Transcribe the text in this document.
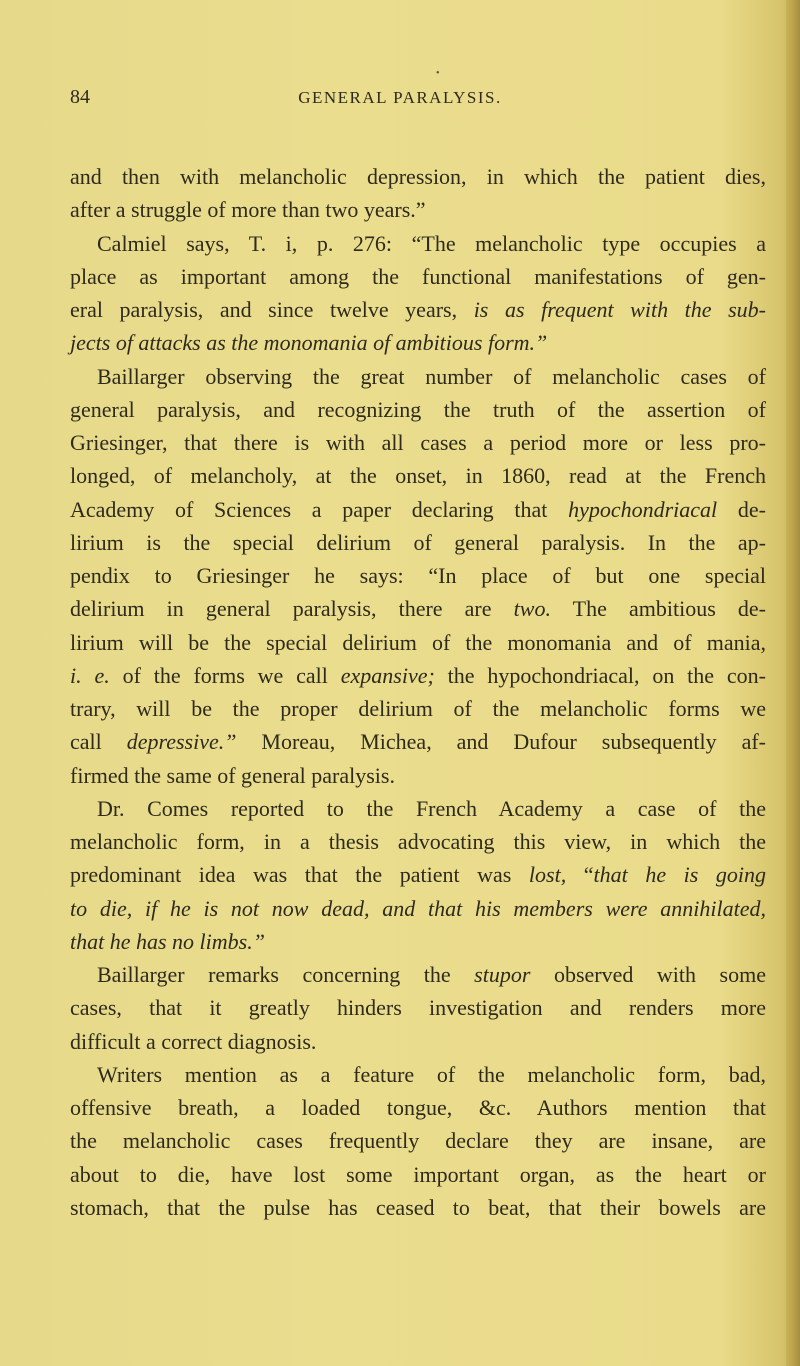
•
84	GENERAL PARALYSIS.
and then with melancholic depression, in which the patient dies,
after a struggle of more than two years.”
Calmiel says, T. i, p. 276: “The melancholic type occupies a
place as important among the functional manifestations of gen-
eral paralysis, and since twelve years, is as frequent with the sub-
jects of attacks as the monomania of ambitious form.”
Baillarger observing the great number of melancholic cases of
general paralysis, and recognizing the truth of the assertion of
Griesinger, that there is with all cases a period more or less pro-
longed, of melancholy, at the onset, in 1860, read at the French
Academy of Sciences a paper declaring that hypochondriacal de-
lirium is the special delirium of general paralysis. In the ap-
pendix to Griesinger he says: “In place of but one special
delirium in general paralysis, there are two. The ambitious de-
lirium will be the special delirium of the monomania and of mania,
i. e. of the forms we call expansive; the hypochondriacal, on the con-
trary, will be the proper delirium of the melancholic forms we
call depressive.” Moreau, Michea, and Dufour subsequently af-
firmed the same of general paralysis.
Dr. Comes reported to the French Academy a case of the
melancholic form, in a thesis advocating this view, in which the
predominant idea was that the patient was lost, “that he is going
to die, if he is not now dead, and that his members were annihilated,
that he has no limbs.”
Baillarger remarks concerning the stupor observed with some
cases, that it greatly hinders investigation and renders more
difficult a correct diagnosis.
Writers mention as a feature of the melancholic form, bad,
offensive breath, a loaded tongue, &c. Authors mention that
the melancholic cases frequently declare they are insane, are
about to die, have lost some important organ, as the heart or
stomach, that the pulse has ceased to beat, that their bowels are
